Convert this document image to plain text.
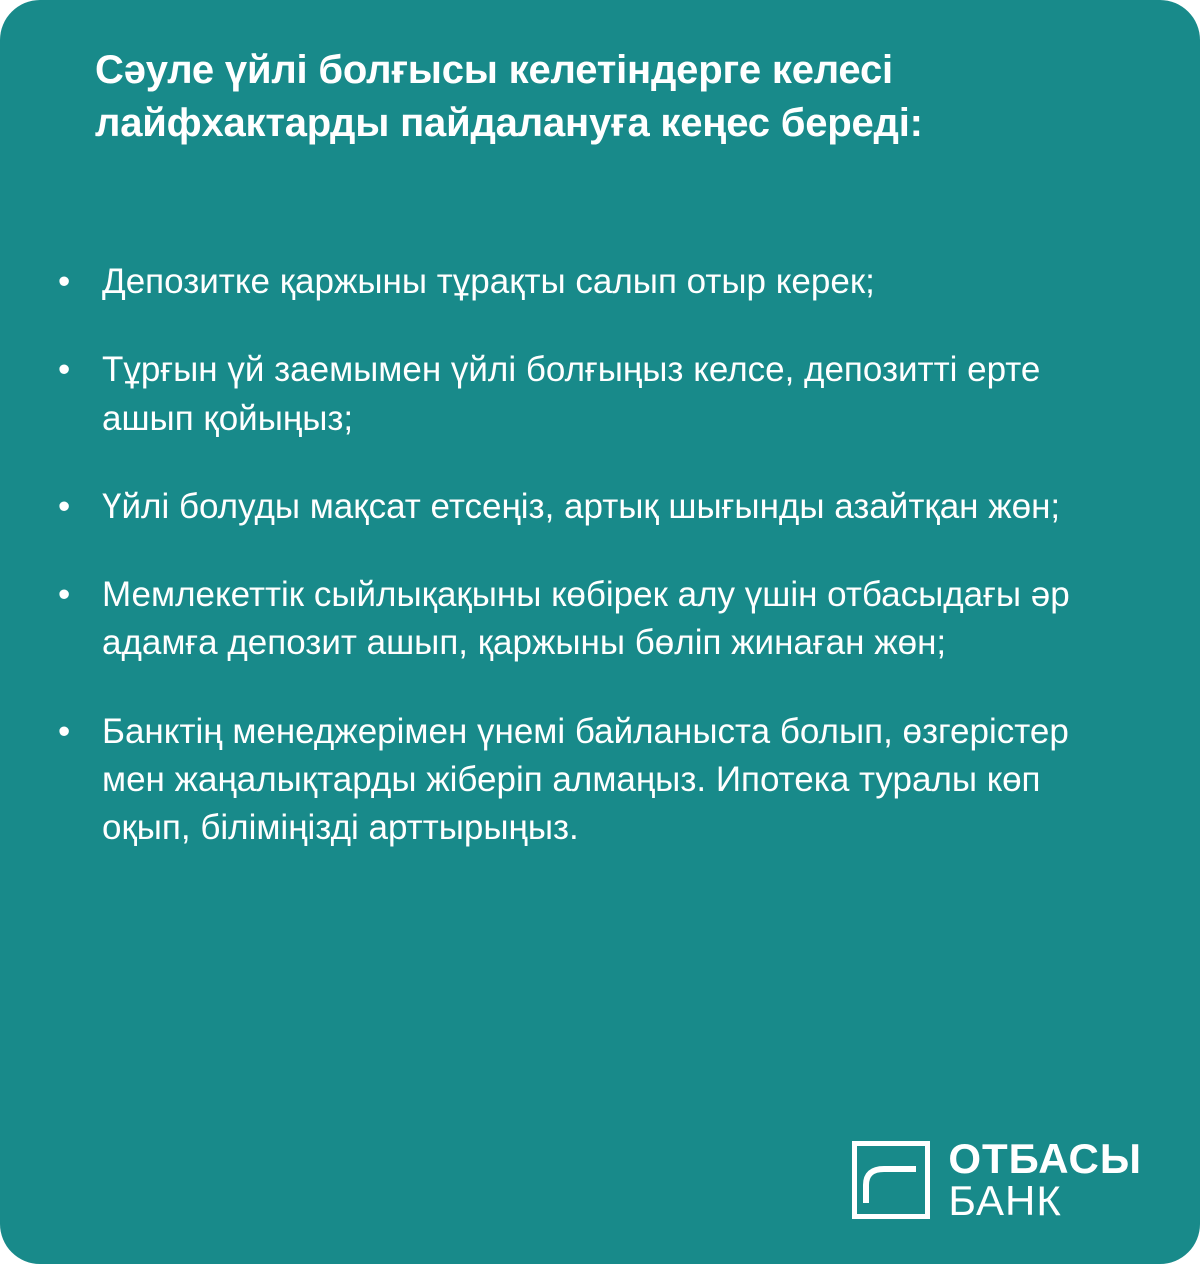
Сәуле үйлі болғысы келетіндерге келесі лайфхактарды пайдалануға кеңес береді:
• Депозитке қаржыны тұрақты салып отыр керек;
• Тұрғын үй заемымен үйлі болғыңыз келсе, депозитті ерте ашып қойыңыз;
• Үйлі болуды мақсат етсеңіз, артық шығынды азайтқан жөн;
• Мемлекеттік сыйлықақыны көбірек алу үшін отбасыдағы әр адамға депозит ашып, қаржыны бөліп жинаған жөн;
• Банктің менеджерімен үнемі байланыста болып, өзгерістер мен жаңалықтарды жіберіп алмаңыз. Ипотека туралы көп оқып, біліміңізді арттырыңыз.
ОТБАСЫ
БАНК
